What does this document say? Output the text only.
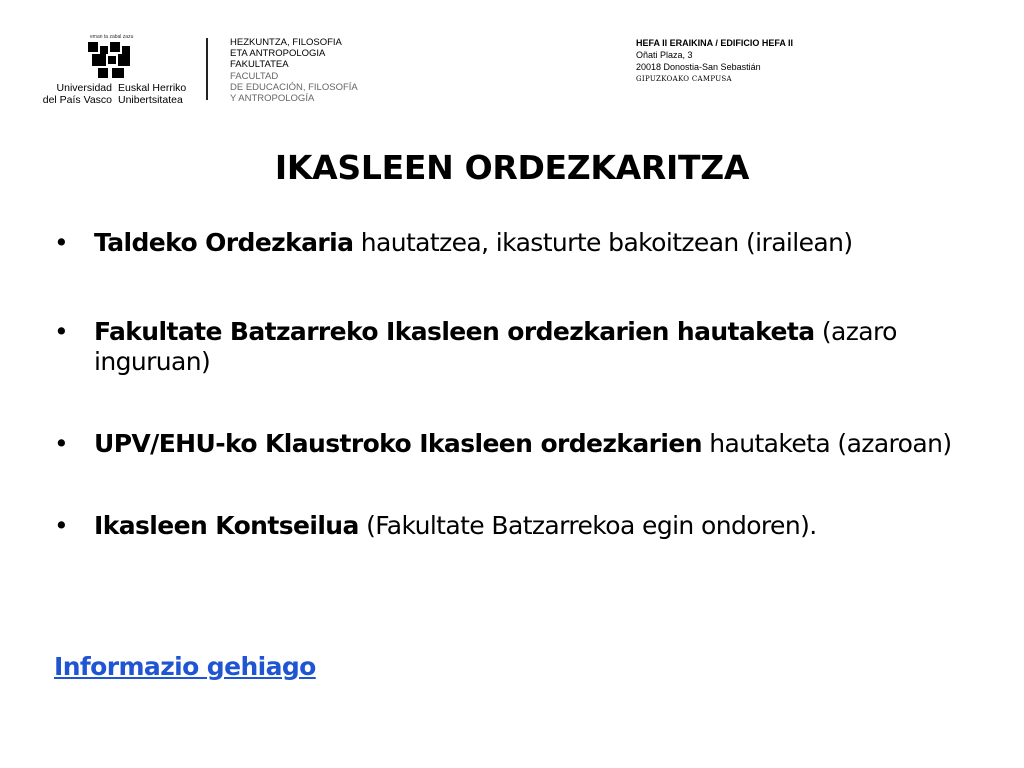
eman ta zabal zazu
Universidad
del País Vasco
Euskal Herriko
Unibertsitatea
HEZKUNTZA, FILOSOFIA
ETA ANTROPOLOGIA
FAKULTATEA
FACULTAD
DE EDUCACIÓN, FILOSOFÍA
Y ANTROPOLOGÍA
HEFA II ERAIKINA / EDIFICIO HEFA II
Oñati Plaza, 3
20018 Donostia-San Sebastián
GIPUZKOAKO CAMPUSA
IKASLEEN ORDEZKARITZA
• Taldeko Ordezkaria hautatzea, ikasturte bakoitzean (irailean)
• Fakultate Batzarreko Ikasleen ordezkarien hautaketa (azaro inguruan)
• UPV/EHU-ko Klaustroko Ikasleen ordezkarien hautaketa (azaroan)
• Ikasleen Kontseilua (Fakultate Batzarrekoa egin ondoren).
Informazio gehiago
